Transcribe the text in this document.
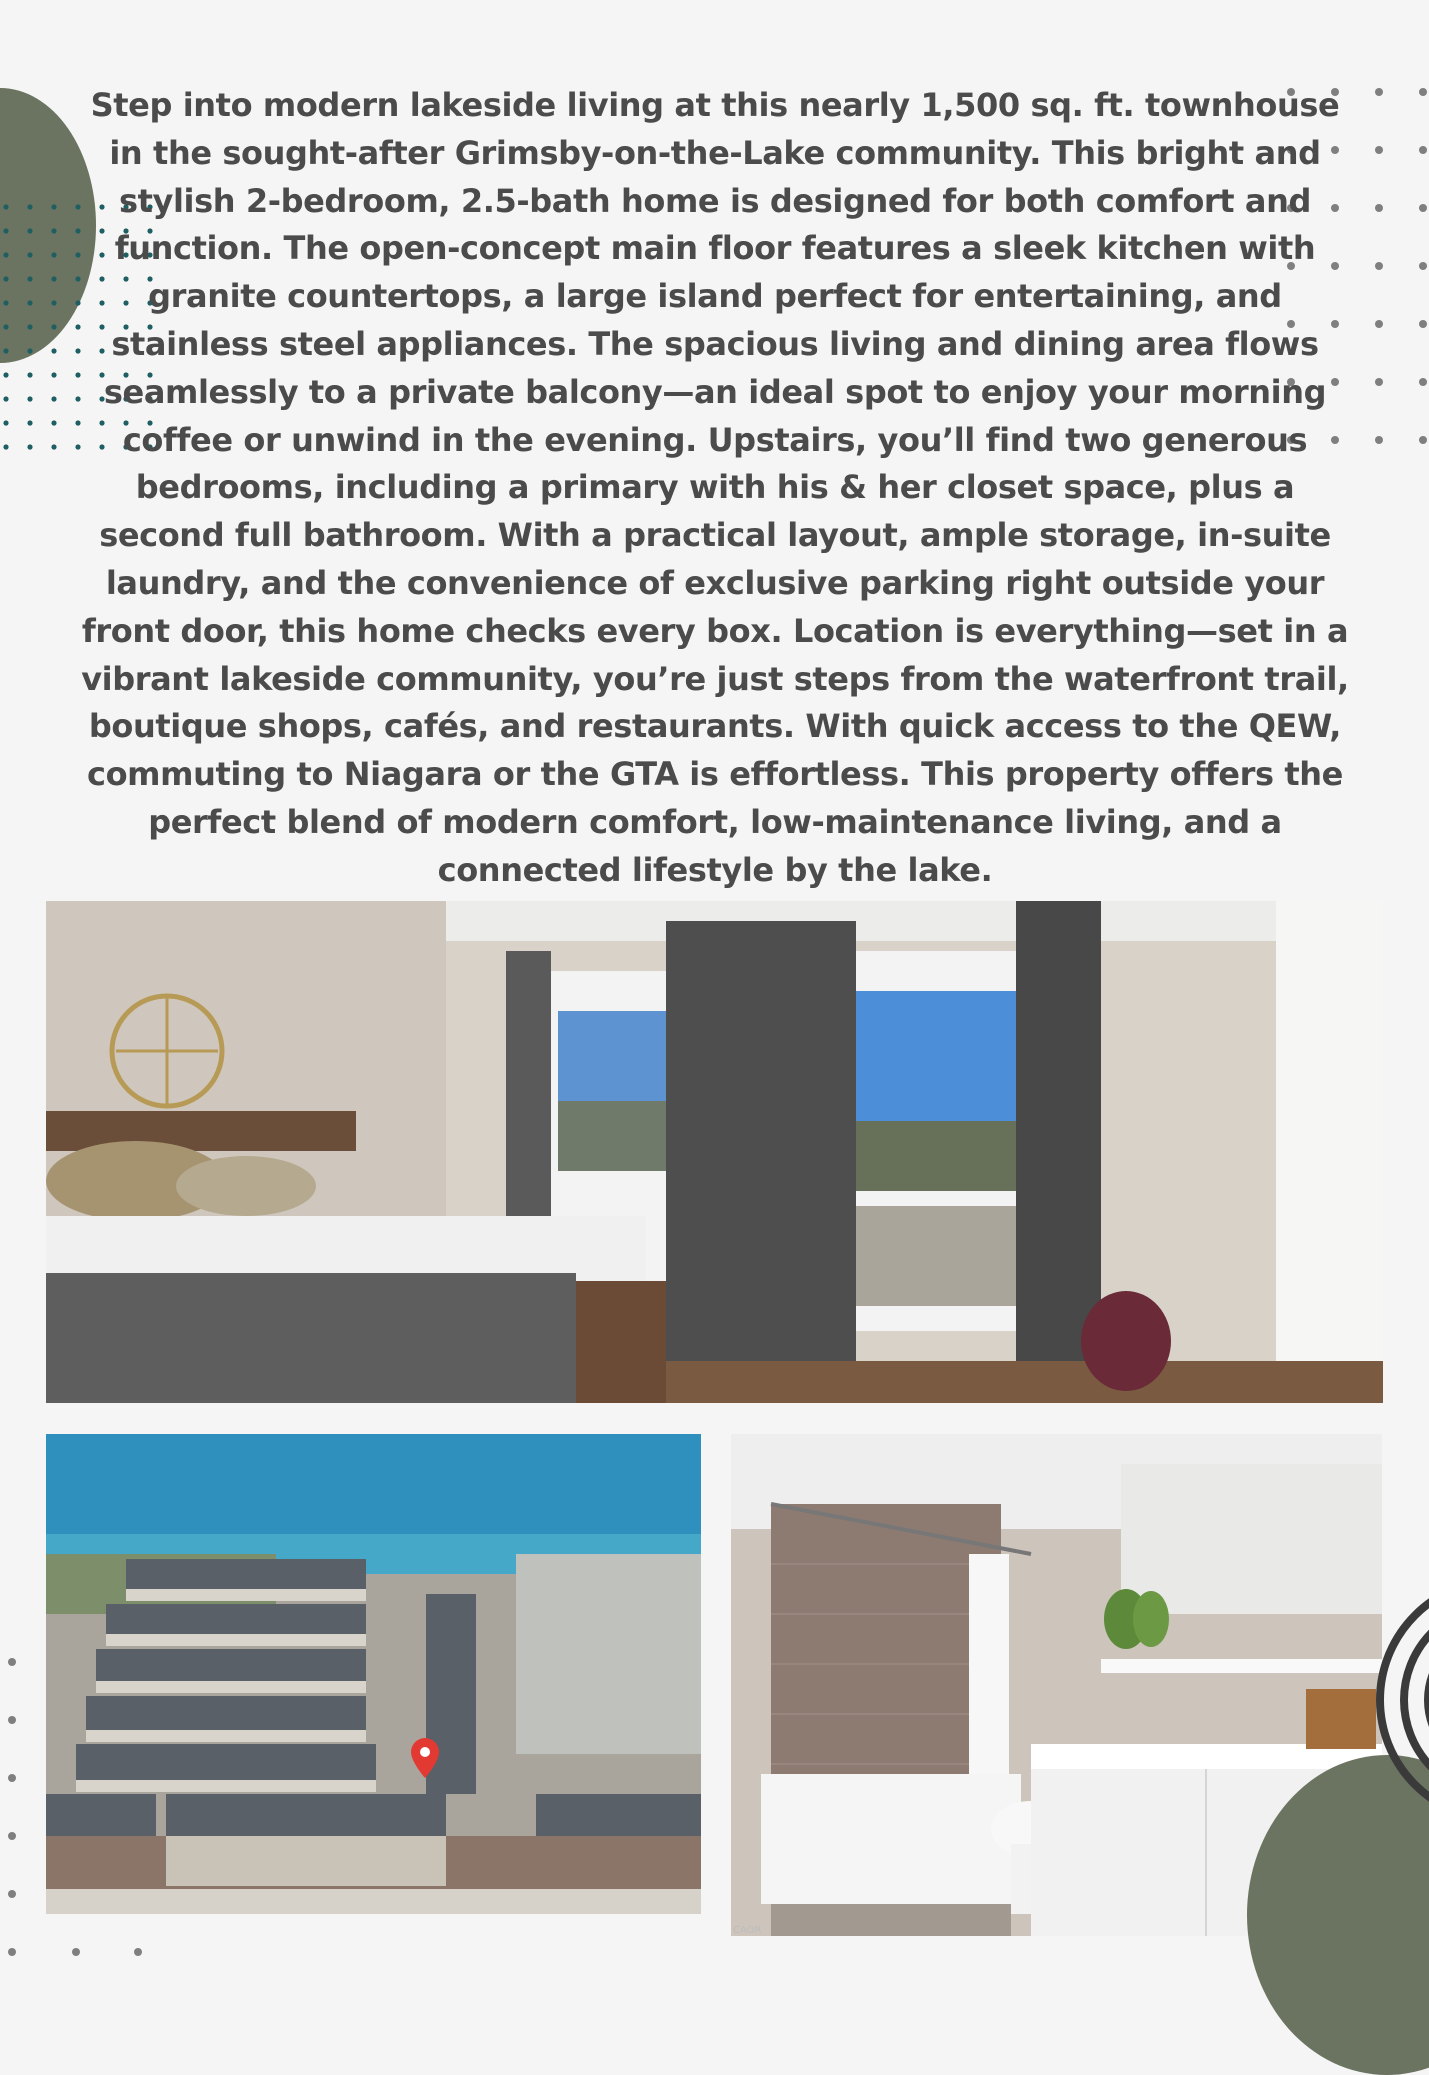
Step into modern lakeside living at this nearly 1,500 sq. ft. townhouse in the sought-after Grimsby-on-the-Lake community. This bright and stylish 2-bedroom, 2.5-bath home is designed for both comfort and function. The open-concept main floor features a sleek kitchen with granite countertops, a large island perfect for entertaining, and stainless steel appliances. The spacious living and dining area flows seamlessly to a private balcony—an ideal spot to enjoy your morning coffee or unwind in the evening. Upstairs, you’ll find two generous bedrooms, including a primary with his & her closet space, plus a second full bathroom. With a practical layout, ample storage, in-suite laundry, and the convenience of exclusive parking right outside your front door, this home checks every box. Location is everything—set in a vibrant lakeside community, you’re just steps from the waterfront trail, boutique shops, cafés, and restaurants. With quick access to the QEW, commuting to Niagara or the GTA is effortless. This property offers the perfect blend of modern comfort, low-maintenance living, and a connected lifestyle by the lake.

CAOR
